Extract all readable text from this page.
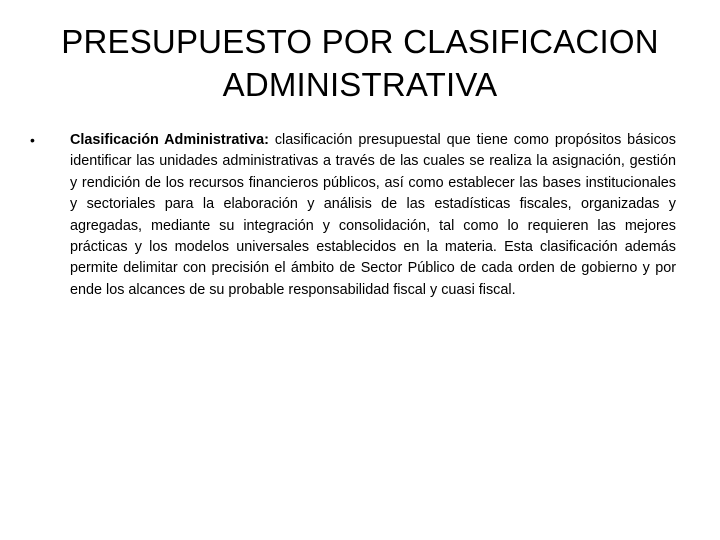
PRESUPUESTO POR CLASIFICACION
ADMINISTRATIVA
• Clasificación Administrativa: clasificación presupuestal que tiene como propósitos básicos identificar las unidades administrativas a través de las cuales se realiza la asignación, gestión y rendición de los recursos financieros públicos, así como establecer las bases institucionales y sectoriales para la elaboración y análisis de las estadísticas fiscales, organizadas y agregadas, mediante su integración y consolidación, tal como lo requieren las mejores prácticas y los modelos universales establecidos en la materia. Esta clasificación además permite delimitar con precisión el ámbito de Sector Público de cada orden de gobierno y por ende los alcances de su probable responsabilidad fiscal y cuasi fiscal.
